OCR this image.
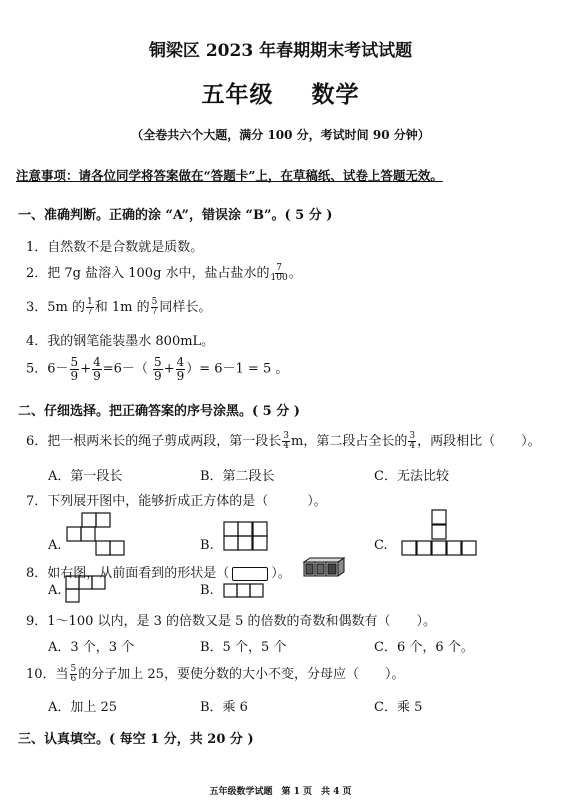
铜梁区 2023 年春期期末考试试题
五年级 数学
（全卷共六个大题，满分 100 分，考试时间 90 分钟）
注意事项：请各位同学将答案做在“答题卡”上，在草稿纸、试卷上答题无效。
一、准确判断。正确的涂 “A”，错误涂 “B”。( 5 分 )
1．自然数不是合数就是质数。
2．把 7g 盐溶入 100g 水中，盐占盐水的 $\frac{7}{100}$ 。
3．5m 的 $\frac{1}{7}$ 和 1m 的 $\frac{5}{7}$ 同样长。
4．我的钢笔能装墨水 800mL。
5．$6- \frac{5}{9} + \frac{4}{9} =6-( \frac{5}{9} + \frac{4}{9}$ ）= 6－1 = 5 。
二、仔细选择。把正确答案的序号涂黑。( 5 分 )
6．把一根两米长的绳子剪成两段，第一段长 $\frac{3}{4}$ m，第二段占全长的 $\frac{3}{4}$ ，两段相比（　　）。
A．第一段长	B．第二段长	C．无法比较
7．下列展开图中，能够折成正方体的是（　　　）。
A.	B.	C.
8．如右图，从前面看到的形状是（	）。
A.	B.
9．1～100 以内，是 3 的倍数又是 5 的倍数的奇数和偶数有（　　）。
A．3 个，3 个	B．5 个，5 个	C．6 个，6 个。
10．当 $\frac{5}{6}$ 的分子加上 25，要使分数的大小不变，分母应（　　）。
A．加上 25	B．乘 6	C．乘 5
三、认真填空。( 每空 1 分，共 20 分 )
五年级数学试题　第 1 页　共 4 页
